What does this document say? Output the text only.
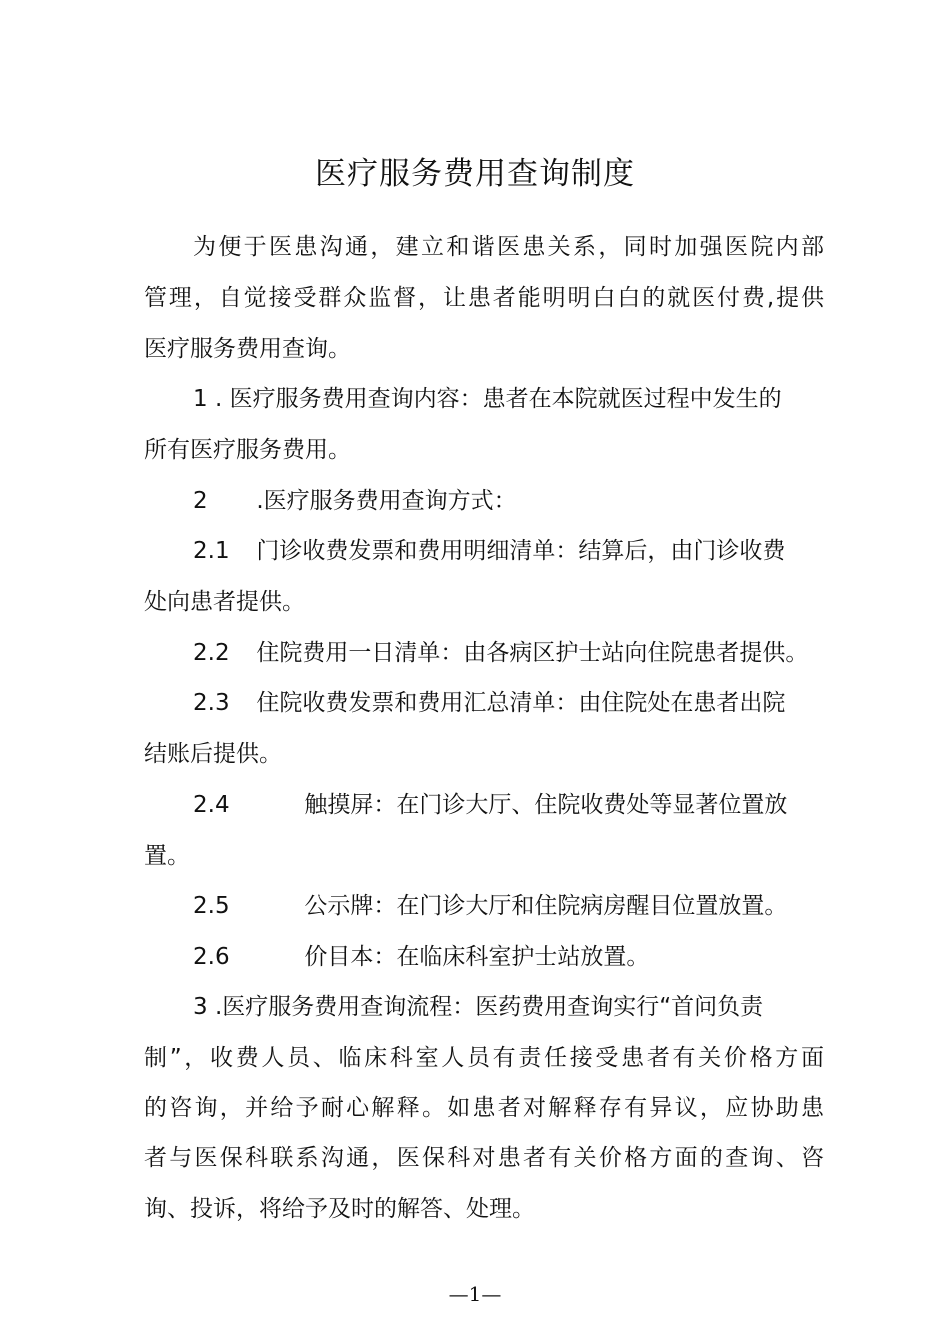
医疗服务费用查询制度
为便于医患沟通，建立和谐医患关系，同时加强医院内部
管理，自觉接受群众监督，让患者能明明白白的就医付费,提供
医疗服务费用查询。
1 . 医疗服务费用查询内容：患者在本院就医过程中发生的
所有医疗服务费用。
2 .医疗服务费用查询方式：
2.1 门诊收费发票和费用明细清单：结算后，由门诊收费
处向患者提供。
2.2 住院费用一日清单：由各病区护士站向住院患者提供。
2.3 住院收费发票和费用汇总清单：由住院处在患者出院
结账后提供。
2.4	触摸屏：在门诊大厅、住院收费处等显著位置放
置。
2.5	公示牌：在门诊大厅和住院病房醒目位置放置。
2.6	价目本：在临床科室护士站放置。
3 .医疗服务费用查询流程：医药费用查询实行“首问负责
制”，收费人员、临床科室人员有责任接受患者有关价格方面
的咨询，并给予耐心解释。如患者对解释存有异议，应协助患
者与医保科联系沟通，医保科对患者有关价格方面的查询、咨
询、投诉，将给予及时的解答、处理。
—1—
